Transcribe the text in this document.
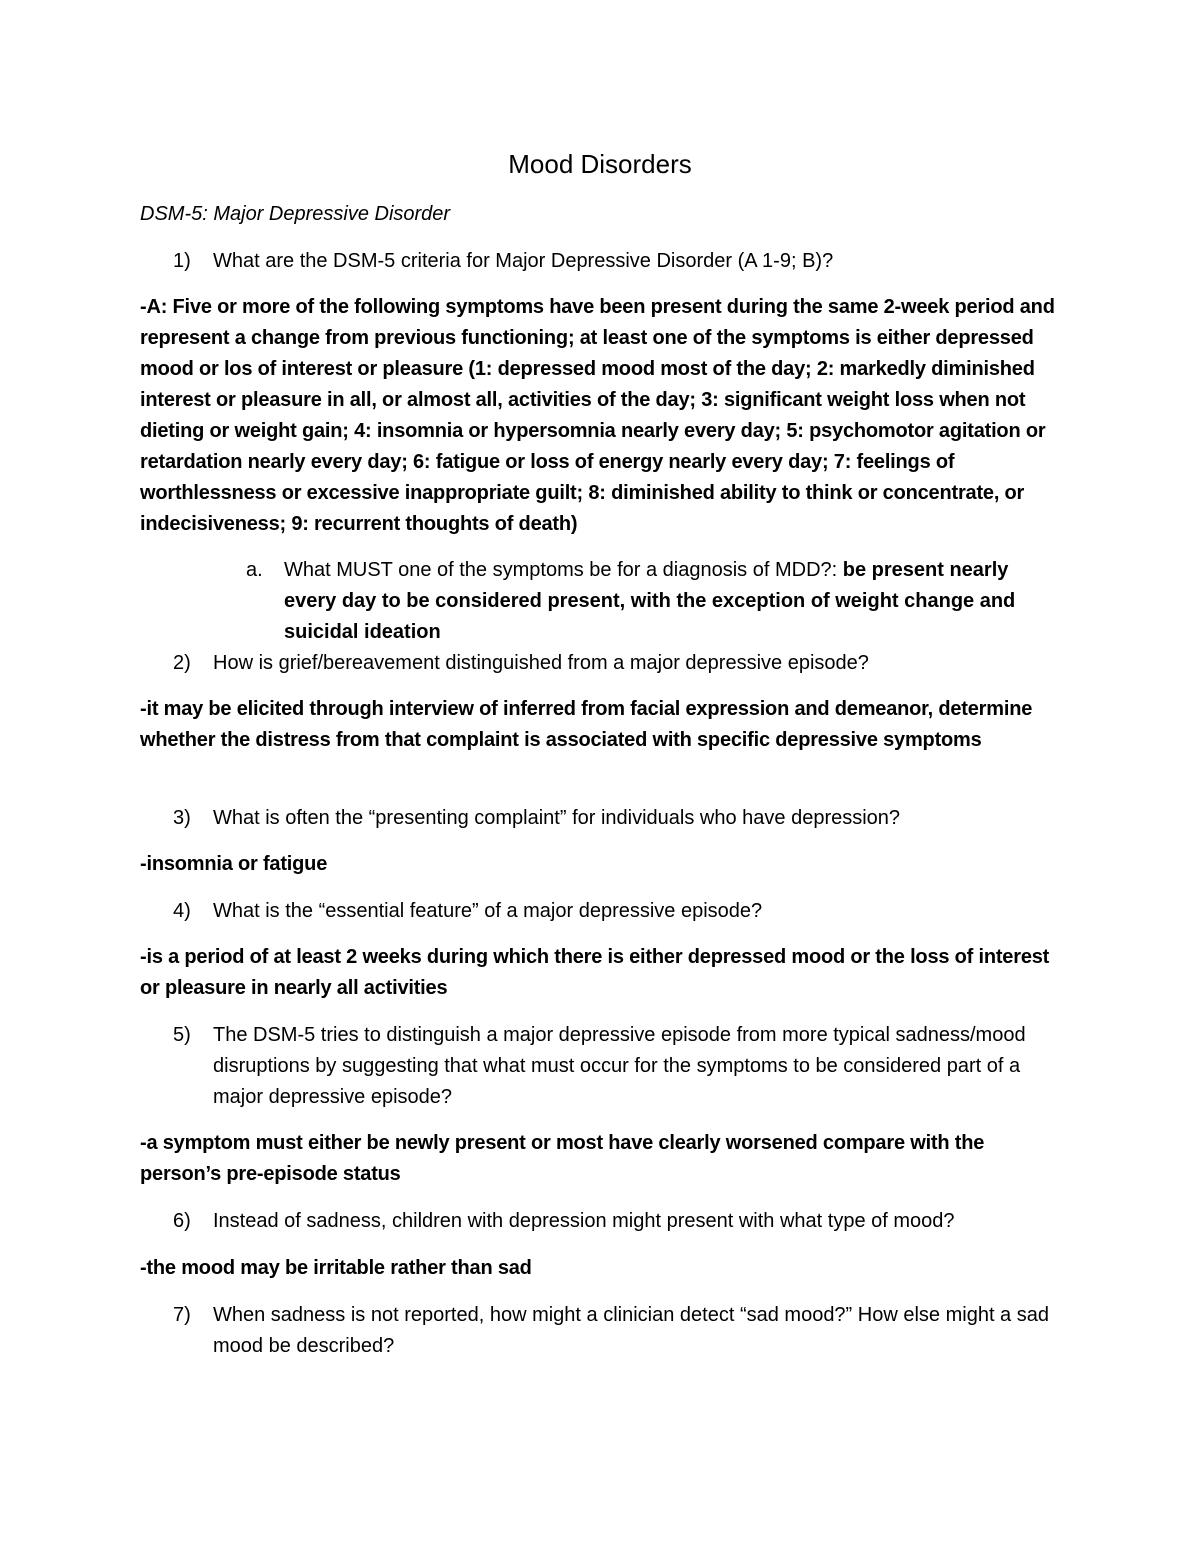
Mood Disorders
DSM-5: Major Depressive Disorder
1)	What are the DSM-5 criteria for Major Depressive Disorder (A 1-9; B)?
-A: Five or more of the following symptoms have been present during the same 2-week period and represent a change from previous functioning; at least one of the symptoms is either depressed mood or los of interest or pleasure (1: depressed mood most of the day; 2: markedly diminished interest or pleasure in all, or almost all, activities of the day; 3: significant weight loss when not dieting or weight gain; 4: insomnia or hypersomnia nearly every day; 5: psychomotor agitation or retardation nearly every day; 6: fatigue or loss of energy nearly every day; 7: feelings of worthlessness or excessive inappropriate guilt; 8: diminished ability to think or concentrate, or indecisiveness; 9: recurrent thoughts of death)
a.	What MUST one of the symptoms be for a diagnosis of MDD?: be present nearly every day to be considered present, with the exception of weight change and suicidal ideation
2)	How is grief/bereavement distinguished from a major depressive episode?
-it may be elicited through interview of inferred from facial expression and demeanor, determine whether the distress from that complaint is associated with specific depressive symptoms
3)	What is often the “presenting complaint” for individuals who have depression?
-insomnia or fatigue
4)	What is the “essential feature” of a major depressive episode?
-is a period of at least 2 weeks during which there is either depressed mood or the loss of interest or pleasure in nearly all activities
5)	The DSM-5 tries to distinguish a major depressive episode from more typical sadness/mood disruptions by suggesting that what must occur for the symptoms to be considered part of a major depressive episode?
-a symptom must either be newly present or most have clearly worsened compare with the person’s pre-episode status
6)	Instead of sadness, children with depression might present with what type of mood?
-the mood may be irritable rather than sad
7)	When sadness is not reported, how might a clinician detect “sad mood?” How else might a sad mood be described?
